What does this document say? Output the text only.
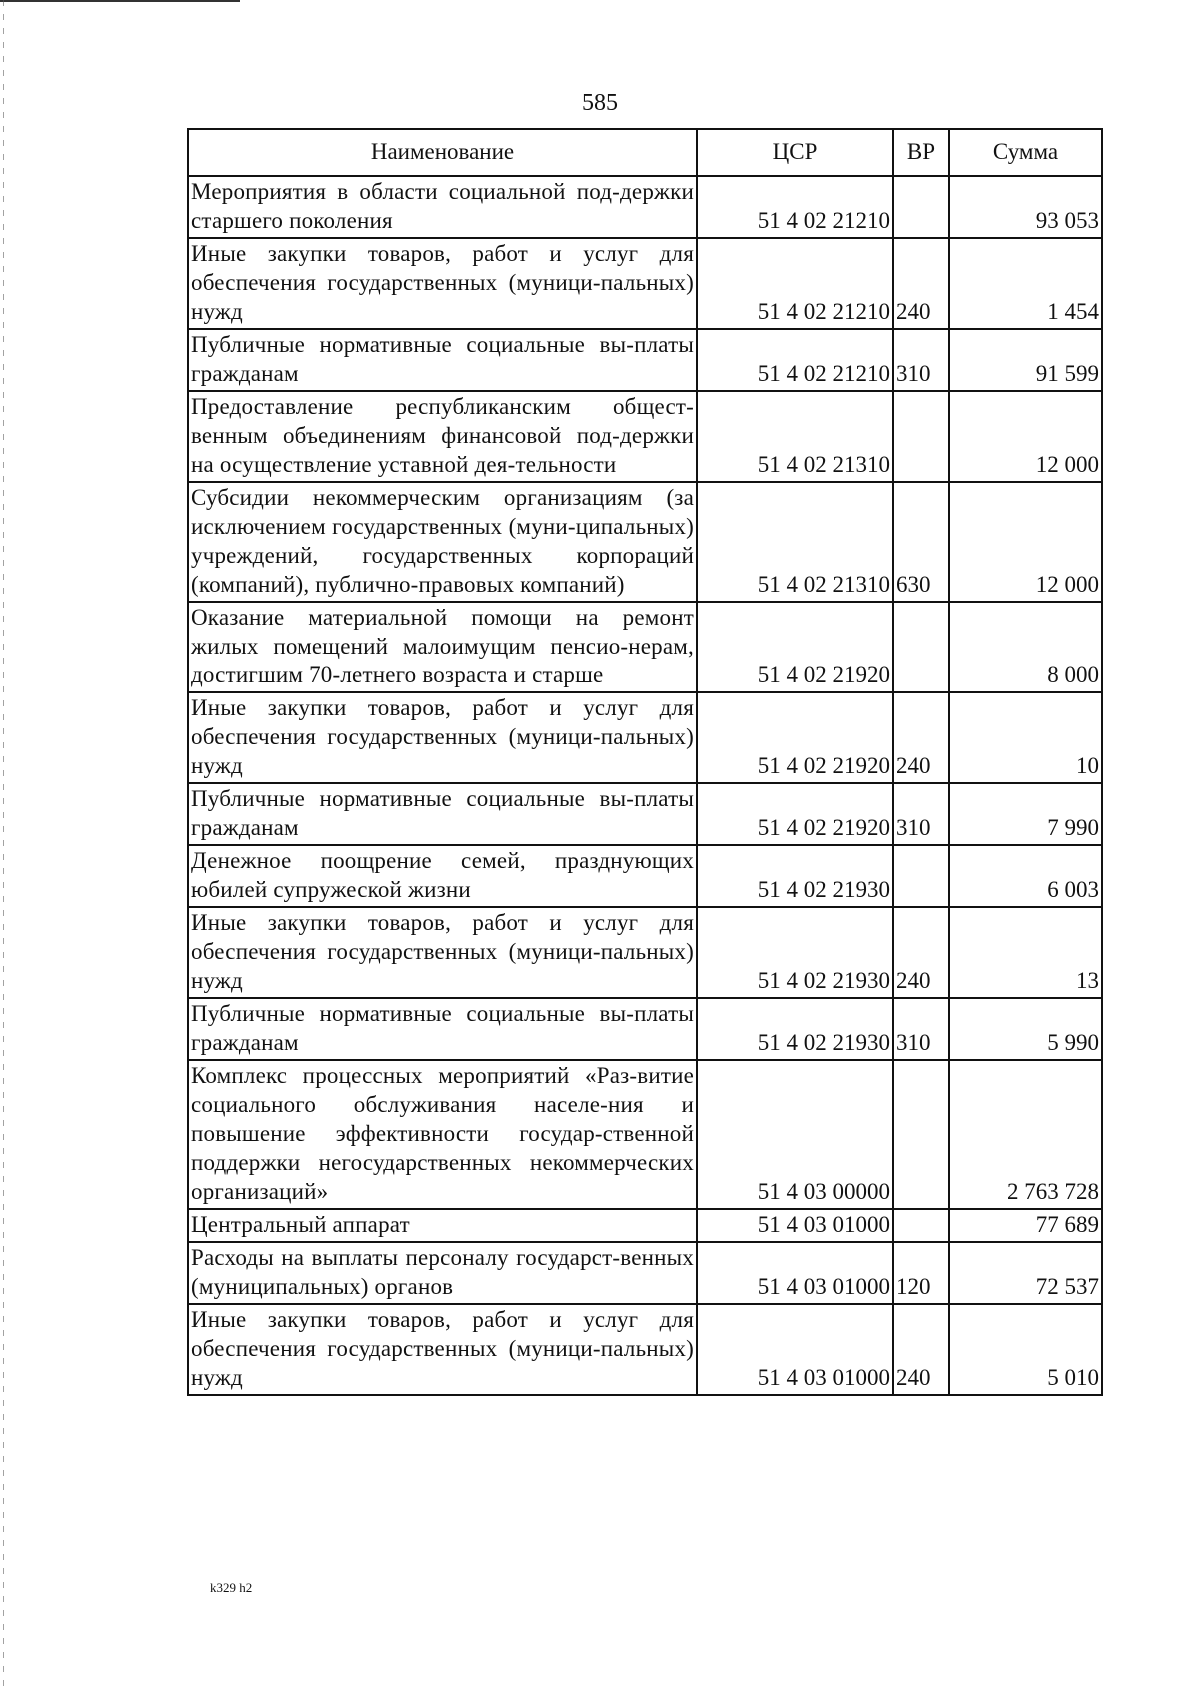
585
Наименование	ЦСР	ВР	Сумма
Мероприятия в области социальной под-держки старшего поколения	51 4 02 21210		93 053
Иные закупки товаров, работ и услуг для обеспечения государственных (муници-пальных) нужд	51 4 02 21210	240	1 454
Публичные нормативные социальные вы-платы гражданам	51 4 02 21210	310	91 599
Предоставление республиканским общест-венным объединениям финансовой под-держки на осуществление уставной дея-тельности	51 4 02 21310		12 000
Субсидии некоммерческим организациям (за исключением государственных (муни-ципальных) учреждений, государственных корпораций (компаний), публично-правовых компаний)	51 4 02 21310	630	12 000
Оказание материальной помощи на ремонт жилых помещений малоимущим пенсио-нерам, достигшим 70-летнего возраста и старше	51 4 02 21920		8 000
Иные закупки товаров, работ и услуг для обеспечения государственных (муници-пальных) нужд	51 4 02 21920	240	10
Публичные нормативные социальные вы-платы гражданам	51 4 02 21920	310	7 990
Денежное поощрение семей, празднующих юбилей супружеской жизни	51 4 02 21930		6 003
Иные закупки товаров, работ и услуг для обеспечения государственных (муници-пальных) нужд	51 4 02 21930	240	13
Публичные нормативные социальные вы-платы гражданам	51 4 02 21930	310	5 990
Комплекс процессных мероприятий «Раз-витие социального обслуживания населе-ния и повышение эффективности государ-ственной поддержки негосударственных некоммерческих организаций»	51 4 03 00000		2 763 728
Центральный аппарат	51 4 03 01000		77 689
Расходы на выплаты персоналу государст-венных (муниципальных) органов	51 4 03 01000	120	72 537
Иные закупки товаров, работ и услуг для обеспечения государственных (муници-пальных) нужд	51 4 03 01000	240	5 010
k329 h2
